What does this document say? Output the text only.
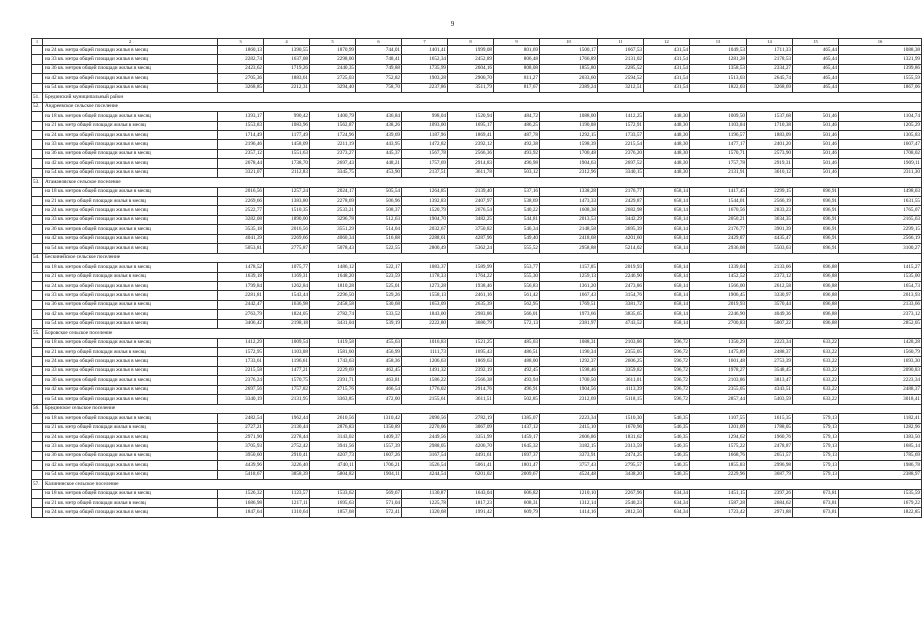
9
1	2	3	4	5	6	7	8	9	10	11	12	13	14	15	16
	на 24 кв. метра общей площади жилья в месяц	1860,13	1390,55	1870,99	744,01	1401,41	1999,08	801,69	1500,17	1667,53	431,54	1049,53	1711,33	465,44	1088,38
	на 33 кв. метра общей площади жилья в месяц	2282,74	1637,08	2298,00	748,41	1652,34	2452,89	806,48	1766,89	2131,02	431,54	1281,28	2178,53	465,44	1321,99
	на 36 кв. метров общей площади жилья в месяц	2423,62	1719,26	2440,35	749,88	1735,99	2604,16	808,08	1855,80	2285,52	431,54	1358,53	2334,27	465,44	1399,86
	на 42 кв. метра общей площади жилья в месяц	2705,36	1883,61	2725,03	752,82	1903,28	2906,70	811,27	2033,60	2594,52	431,54	1513,03	2645,74	465,44	1555,59
	на 54 кв. метра общей площади жилья в месяц	3268,85	2212,31	3294,40	758,70	2237,86	3511,79	817,67	2389,24	3212,51	431,54	1822,03	3268,69	465,44	1867,06
51.	Брединский муниципальный район														
52.	Андреевское сельское поселение														
	на 18 кв. метров общей площади жилья в месяц	1393,17	990,42	1400,79	436,84	998,04	1520,94	484,72	1088,00	1412,25	448,30	1009,50	1537,68	501,46	1104,74
	на 21 кв. метр общей площади жилья в месяц	1553,83	1083,96	1562,87	438,26	1093,00	1695,17	486,25	1190,08	1572,91	448,30	1103,04	1710,38	501,46	1205,29
	на 24 кв. метра общей площади жилья в месяц	1714,49	1177,49	1724,96	439,69	1187,96	1869,41	487,78	1292,15	1733,57	448,30	1196,57	1883,09	501,46	1305,83
	на 33 кв. метра общей площади жилья в месяц	2196,46	1458,09	2211,19	443,95	1472,82	2392,12	492,38	1598,39	2215,54	448,30	1477,17	2401,20	501,46	1607,47
	на 36 кв. метров общей площади жилья в месяц	2357,12	1551,63	2373,27	445,37	1567,78	2566,36	493,92	1700,48	2376,20	448,30	1570,71	2573,90	501,46	1708,02
	на 42 кв. метра общей площади жилья в месяц	2678,44	1738,70	2697,43	448,21	1757,69	2914,83	496,98	1904,63	2697,52	448,30	1757,78	2919,31	501,46	1909,11
	на 54 кв. метра общей площади жилья в месяц	3321,07	2112,83	3345,75	453,90	2137,51	3611,78	503,12	2312,96	3340,15	448,30	2131,91	3610,12	501,46	2311,30
53.	Атамановское сельское поселение														
	на 18 кв. метров общей площади жилья в месяц	2016,56	1257,24	2024,17	505,54	1264,85	2139,40	537,16	1338,28	2176,77	658,14	1417,45	2299,15	696,91	1498,03
	на 21 кв. метр общей площади жилья в месяц	2269,66	1383,80	2278,69	506,96	1392,83	2407,97	538,69	1473,33	2429,87	658,14	1544,01	2566,19	696,91	1631,55
	на 24 кв. метра общей площади жилья в месяц	2522,77	1510,35	2533,21	508,37	1520,79	2676,54	540,22	1608,38	2682,98	658,14	1670,56	2833,23	696,91	1765,07
	на 33 кв. метра общей площади жилья в месяц	3282,08	1890,00	3296,78	512,63	1904,70	3482,25	544,81	2013,53	3442,29	658,14	2050,21	3634,35	696,91	2165,63
	на 36 кв. метров общей площади жилья в месяц	3535,18	2016,56	3551,29	514,04	2032,67	3750,82	546,34	2148,58	3695,39	658,14	2176,77	3901,39	696,91	2299,15
	на 42 кв. метра общей площади жилья в месяц	4041,39	2269,66	4060,34	516,88	2288,61	4287,96	549,40	2418,68	4201,60	658,14	2429,87	4435,47	696,91	2566,19
	на 54 кв. метра общей площади жилья в месяц	5053,81	2775,87	5078,43	522,55	2800,49	5362,24	555,52	2958,88	5214,02	658,14	2936,08	5503,63	696,91	3100,27
54.	Бескинейское сельское поселение														
	на 18 кв. метров общей площади жилья в месяц	1478,52	1075,77	1486,12	522,17	1083,37	1589,99	553,77	1157,05	2019,93	658,14	1339,04	2133,66	696,88	1415,27
	на 21 кв. метр общей площади жилья в месяц	1639,18	1169,31	1648,20	523,59	1178,33	1764,22	555,30	1259,13	2246,90	658,14	1452,52	2373,12	696,88	1535,00
	на 24 кв. метра общей площади жилья в месяц	1799,84	1262,84	1810,28	525,01	1273,28	1938,46	556,83	1361,20	2473,86	658,14	1566,00	2612,58	696,88	1654,73
	на 33 кв. метра общей площади жилья в месяц	2281,81	1543,44	2296,50	529,26	1558,13	2461,16	561,42	1667,43	3154,76	658,14	1906,45	3330,97	696,88	2013,93
	на 36 кв. метров общей площади жилья в месяц	2442,47	1636,98	2458,58	530,68	1653,09	2635,39	562,95	1769,51	3381,72	658,14	2019,93	3570,44	696,88	2133,66
	на 42 кв. метра общей площади жилья в месяц	2763,79	1824,05	2782,74	533,52	1843,00	2983,86	566,01	1973,66	3835,65	658,14	2246,90	4049,36	696,88	2373,12
	на 54 кв. метра общей площади жилья в месяц	3406,42	2198,18	3431,04	539,19	2222,80	3680,79	572,13	2381,97	4743,52	658,14	2700,83	5007,22	696,88	2852,05
55.	Боровское сельское поселение														
	на 18 кв. метров общей площади жилья в месяц	1412,29	1009,54	1419,58	455,63	1016,83	1521,25	485,03	1088,31	2103,86	596,72	1350,29	2223,34	633,22	1428,28
	на 21 кв. метр общей площади жилья в месяц	1572,95	1103,08	1581,60	456,99	1111,73	1695,43	486,51	1190,34	2355,05	596,72	1475,89	2488,37	633,22	1560,79
	на 24 кв. метра общей площади жилья в месяц	1733,61	1196,61	1743,63	458,36	1206,63	1869,63	488,00	1292,37	2606,25	596,72	1601,48	2753,39	633,22	1693,30
	на 33 кв. метра общей площади жилья в месяц	2215,58	1477,21	2229,69	462,45	1491,32	2392,19	492,45	1598,46	3359,82	596,72	1978,27	3548,45	633,22	2090,83
	на 36 кв. метров общей площади жилья в месяц	2376,24	1570,75	2391,71	463,81	1586,22	2566,38	493,94	1700,50	3611,01	596,72	2103,86	3813,47	633,22	2223,34
	на 42 кв. метра общей площади жилья в месяц	2697,56	1757,82	2715,76	466,54	1776,02	2914,76	496,91	1904,56	4113,39	596,72	2355,05	4343,51	633,22	2488,37
	на 54 кв. метра общей площади жилья в месяц	3340,19	2131,95	3363,85	472,00	2155,61	3611,51	502,85	2312,69	5118,15	596,72	2857,44	5403,59	633,22	3018,41
56.	Брединское сельское поселение														
	на 18 кв. метров общей площади жилья в месяц	2482,54	1962,44	2610,56	1310,42	2090,56	2782,19	1385,07	2223,34	1510,30	546,35	1107,55	1615,35	579,13	1182,41
	на 21 кв. метр общей площади жилья в месяц	2727,21	2130,44	2876,83	1350,89	2270,06	3067,09	1437,12	2415,10	1670,96	546,35	1201,09	1788,05	579,13	1282,96
	на 24 кв. метра общей площади жилья в месяц	2971,90	2278,44	3143,02	1409,37	2449,56	3351,99	1459,17	2606,86	1831,62	546,35	1294,62	1960,76	579,13	1383,50
	на 33 кв. метра общей площади жилья в месяц	3705,93	2752,42	3941,56	1557,39	2988,05	4206,70	1645,32	3182,15	2313,59	546,35	1575,22	2478,87	579,13	1685,14
	на 36 кв. метров общей площади жилья в месяц	3950,60	2910,41	4207,73	1607,26	3167,54	4491,61	1697,37	3373,91	2474,25	546,35	1668,76	2651,57	579,13	1785,69
	на 42 кв. метра общей площади жилья в месяц	4439,96	3226,40	4740,11	1706,21	3526,54	5061,41	1801,47	3757,43	2795,57	546,35	1855,83	2996,98	579,13	1986,78
	на 54 кв. метра общей площади жилья в месяц	5418,67	3858,39	5804,82	1904,11	4244,54	6201,02	2009,67	4524,48	3438,20	546,35	2229,96	3687,79	579,13	2388,97
57.	Калининское сельское поселение														
	на 18 кв. метров общей площади жилья в месяц	1526,32	1123,57	1533,62	569,67	1130,87	1643,04	606,82	1210,10	2267,96	634,34	1451,15	2397,26	673,81	1535,59
	на 21 кв. метр общей площади жилья в месяц	1686,98	1217,11	1695,63	571,04	1225,78	1817,23	608,31	1312,14	2540,23	634,34	1587,28	2684,62	673,81	1679,22
	на 24 кв. метра общей площади жилья в месяц	1847,64	1310,64	1857,68	572,41	1320,68	1991,42	609,79	1414,16	2812,50	634,34	1723,42	2971,88	673,81	1822,85
